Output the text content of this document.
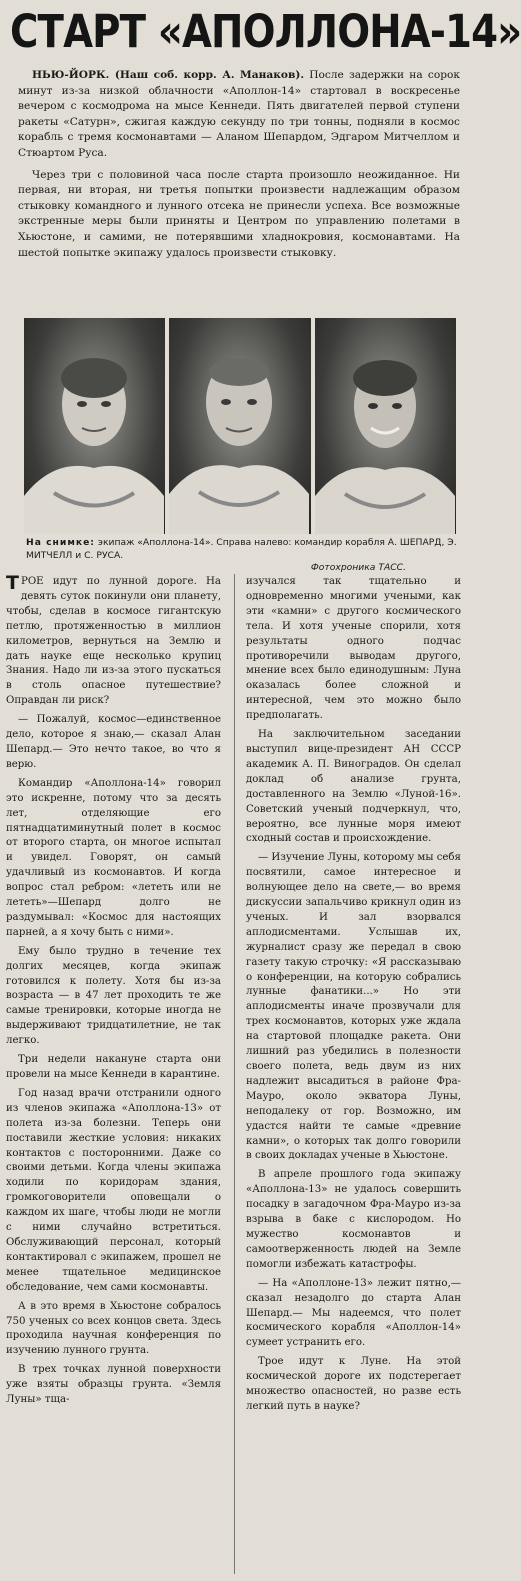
СТАРТ «АПОЛЛОНА-14»

НЬЮ-ЙОРК. (Наш соб. корр. А. Манаков). После задержки на сорок минут из-за низкой облачности «Аполлон-14» стартовал в воскресенье вечером с космодрома на мысе Кеннеди. Пять двигателей первой ступени ракеты «Сатурн», сжигая каждую секунду по три тонны, подняли в космос корабль с тремя космонавтами — Аланом Шепардом, Эдгаром Митчеллом и Стюартом Руса.

Через три с половиной часа после старта произошло неожиданное. Ни первая, ни вторая, ни третья попытки произвести надлежащим образом стыковку командного и лунного отсека не принесли успеха. Все возможные экстренные меры были приняты и Центром по управлению полетами в Хьюстоне, и самими, не потерявшими хладнокровия, космонавтами. На шестой попытке экипажу удалось произвести стыковку.

На снимке: экипаж «Аполлона-14». Справа налево: командир корабля А. ШЕПАРД, Э. МИТЧЕЛЛ и С. РУСА.
Фотохроника ТАСС.

ТРОЕ идут по лунной дороге. На девять суток покинули они планету, чтобы, сделав в космосе гигантскую петлю, протяженностью в миллион километров, вернуться на Землю и дать науке еще несколько крупиц Знания. Надо ли из-за этого пускаться в столь опасное путешествие? Оправдан ли риск?

— Пожалуй, космос—единственное дело, которое я знаю,— сказал Алан Шепард.— Это нечто такое, во что я верю.

Командир «Аполлона-14» говорил это искренне, потому что за десять лет, отделяющие его пятнадцатиминутный полет в космос от второго старта, он многое испытал и увидел. Говорят, он самый удачливый из космонавтов. И когда вопрос стал ребром: «лететь или не лететь»—Шепард долго не раздумывал: «Космос для настоящих парней, а я хочу быть с ними».

Ему было трудно в течение тех долгих месяцев, когда экипаж готовился к полету. Хотя бы из-за возраста — в 47 лет проходить те же самые тренировки, которые иногда не выдерживают тридцатилетние, не так легко.

Три недели накануне старта они провели на мысе Кеннеди в карантине.

Год назад врачи отстранили одного из членов экипажа «Аполлона-13» от полета из-за болезни. Теперь они поставили жесткие условия: никаких контактов с посторонними. Даже со своими детьми. Когда члены экипажа ходили по коридорам здания, громкоговорители оповещали о каждом их шаге, чтобы люди не могли с ними случайно встретиться. Обслуживающий персонал, который контактировал с экипажем, прошел не менее тщательное медицинское обследование, чем сами космонавты.

А в это время в Хьюстоне собралось 750 ученых со всех концов света. Здесь проходила научная конференция по изучению лунного грунта.

В трех точках лунной поверхности уже взяты образцы грунта. «Земля Луны» тща-

изучался так тщательно и одновременно многими учеными, как эти «камни» с другого космического тела. И хотя ученые спорили, хотя результаты одного подчас противоречили выводам другого, мнение всех было единодушным: Луна оказалась более сложной и интересной, чем это можно было предполагать.

На заключительном заседании выступил вице-президент АН СССР академик А. П. Виноградов. Он сделал доклад об анализе грунта, доставленного на Землю «Луной-16». Советский ученый подчеркнул, что, вероятно, все лунные моря имеют сходный состав и происхождение.

— Изучение Луны, которому мы себя посвятили, самое интересное и волнующее дело на свете,— во время дискуссии запальчиво крикнул один из ученых. И зал взорвался аплодисментами. Услышав их, журналист сразу же передал в свою газету такую строчку: «Я рассказываю о конференции, на которую собрались лунные фанатики...» Но эти аплодисменты иначе прозвучали для трех космонавтов, которых уже ждала на стартовой площадке ракета. Они лишний раз убедились в полезности своего полета, ведь двум из них надлежит высадиться в районе Фра-Мауро, около экватора Луны, неподалеку от гор. Возможно, им удастся найти те самые «древние камни», о которых так долго говорили в своих докладах ученые в Хьюстоне.

В апреле прошлого года экипажу «Аполлона-13» не удалось совершить посадку в загадочном Фра-Мауро из-за взрыва в баке с кислородом. Но мужество космонавтов и самоотверженность людей на Земле помогли избежать катастрофы.

— На «Аполлоне-13» лежит пятно,— сказал незадолго до старта Алан Шепард.— Мы надеемся, что полет космического корабля «Аполлон-14» сумеет устранить его.

Трое идут к Луне. На этой космической дороге их подстерегает множество опасностей, но разве есть легкий путь в науке?
